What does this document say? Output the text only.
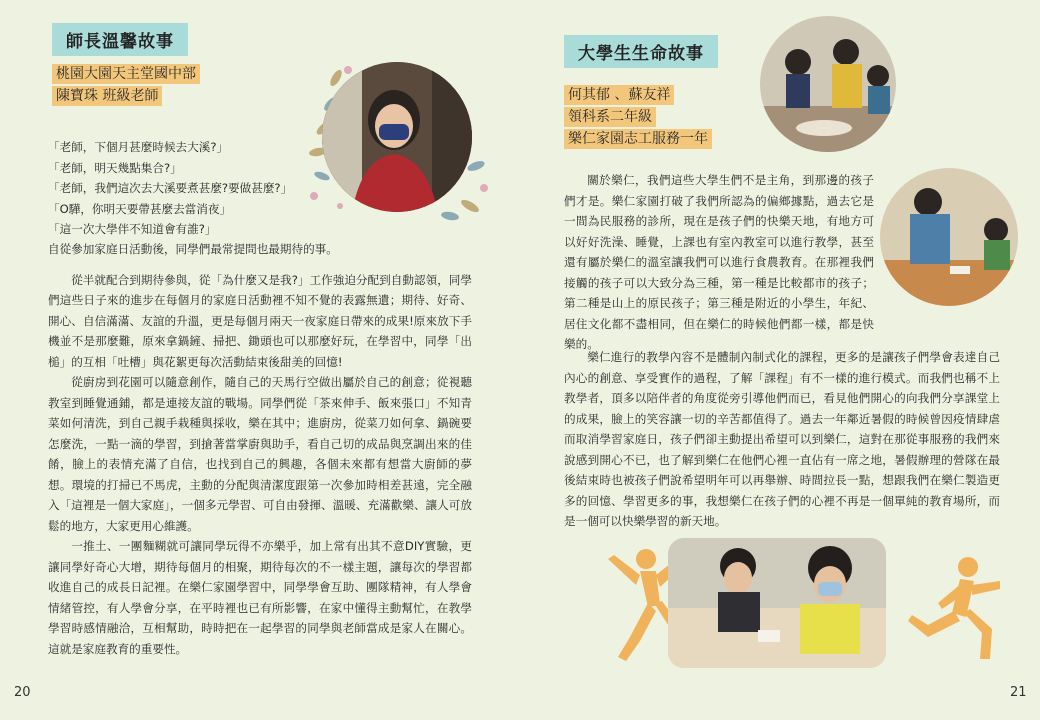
師長溫馨故事
桃園大園天主堂國中部
陳寶珠 班級老師

「老師，下個月甚麼時候去大溪?」

「老師，明天幾點集合?」

「老師，我們這次去大溪要煮甚麼?要做甚麼?」

「O驊，你明天要帶甚麼去當消夜」

「這一次大學伴不知道會有誰?」

自從參加家庭日活動後，同學們最常提問也最期待的事。

從半就配合到期待參與，從「為什麼又是我?」工作強迫分配到自動認領，同學們這些日子來的進步在每個月的家庭日活動裡不知不覺的表露無遺；期待、好奇、開心、自信滿滿、友誼的升溫，更是每個月兩天一夜家庭日帶來的成果!原來放下手機並不是那麼難，原來拿鍋鏟、掃把、鋤頭也可以那麼好玩，在學習中，同學「出槌」的互相「吐槽」與花絮更每次活動結束後甜美的回憶!

從廚房到花園可以隨意創作，隨自己的天馬行空做出屬於自己的創意；從視聽教室到睡覺通鋪，都是連接友誼的戰場。同學們從「茶來伸手、飯來張口」不知青菜如何清洗，到自己親手栽種與採收，樂在其中；進廚房，從菜刀如何拿、鍋碗要怎麼洗，一點一滴的學習，到搶著當掌廚與助手，看自己切的成品與烹調出來的佳餚，臉上的表情充滿了自信，也找到自己的興趣，各個未來都有想當大廚師的夢想。環境的打掃已不馬虎，主動的分配與清潔度跟第一次參加時相差甚遠，完全融入「這裡是一個大家庭」，一個多元學習、可自由發揮、溫暖、充滿歡樂、讓人可放鬆的地方，大家更用心維護。

一推土、一團麵糊就可讓同學玩得不亦樂乎，加上常有出其不意DIY實驗，更讓同學好奇心大增，期待每個月的相聚，期待每次的不一樣主題，讓每次的學習都收進自己的成長日記裡。在樂仁家園學習中，同學學會互助、團隊精神，有人學會情緒管控，有人學會分享，在平時裡也已有所影響，在家中懂得主動幫忙，在教學學習時感情融洽，互相幫助，時時把在一起學習的同學與老師當成是家人在關心。這就是家庭教育的重要性。

20
大學生生命故事
何其郁 、蘇友祥
領科系二年級
樂仁家園志工服務一年

關於樂仁，我們這些大學生們不是主角，到那邊的孩子們才是。樂仁家園打破了我們所認為的偏鄉據點，過去它是一間為民服務的診所，現在是孩子們的快樂天地，有地方可以好好洗澡、睡覺，上課也有室內教室可以進行教學，甚至還有屬於樂仁的溫室讓我們可以進行食農教育。在那裡我們接觸的孩子可以大致分為三種，第一種是比較都市的孩子；第二種是山上的原民孩子；第三種是附近的小學生，年紀、居住文化都不盡相同，但在樂仁的時候他們都一樣，都是快樂的。

樂仁進行的教學內容不是體制內制式化的課程，更多的是讓孩子們學會表達自己內心的創意、享受實作的過程，了解「課程」有不一樣的進行模式。而我們也稱不上教學者，頂多以陪伴者的角度從旁引導他們而已，看見他們開心的向我們分享課堂上的成果，臉上的笑容讓一切的辛苦都值得了。過去一年鄰近暑假的時候曾因疫情肆虐而取消學習家庭日，孩子們卻主動提出希望可以到樂仁，這對在那從事服務的我們來說感到開心不已，也了解到樂仁在他們心裡一直佔有一席之地，暑假辦理的營隊在最後結束時也被孩子們說希望明年可以再舉辦、時間拉長一點，想跟我們在樂仁製造更多的回憶、學習更多的事，我想樂仁在孩子們的心裡不再是一個單純的教育場所，而是一個可以快樂學習的新天地。

21
